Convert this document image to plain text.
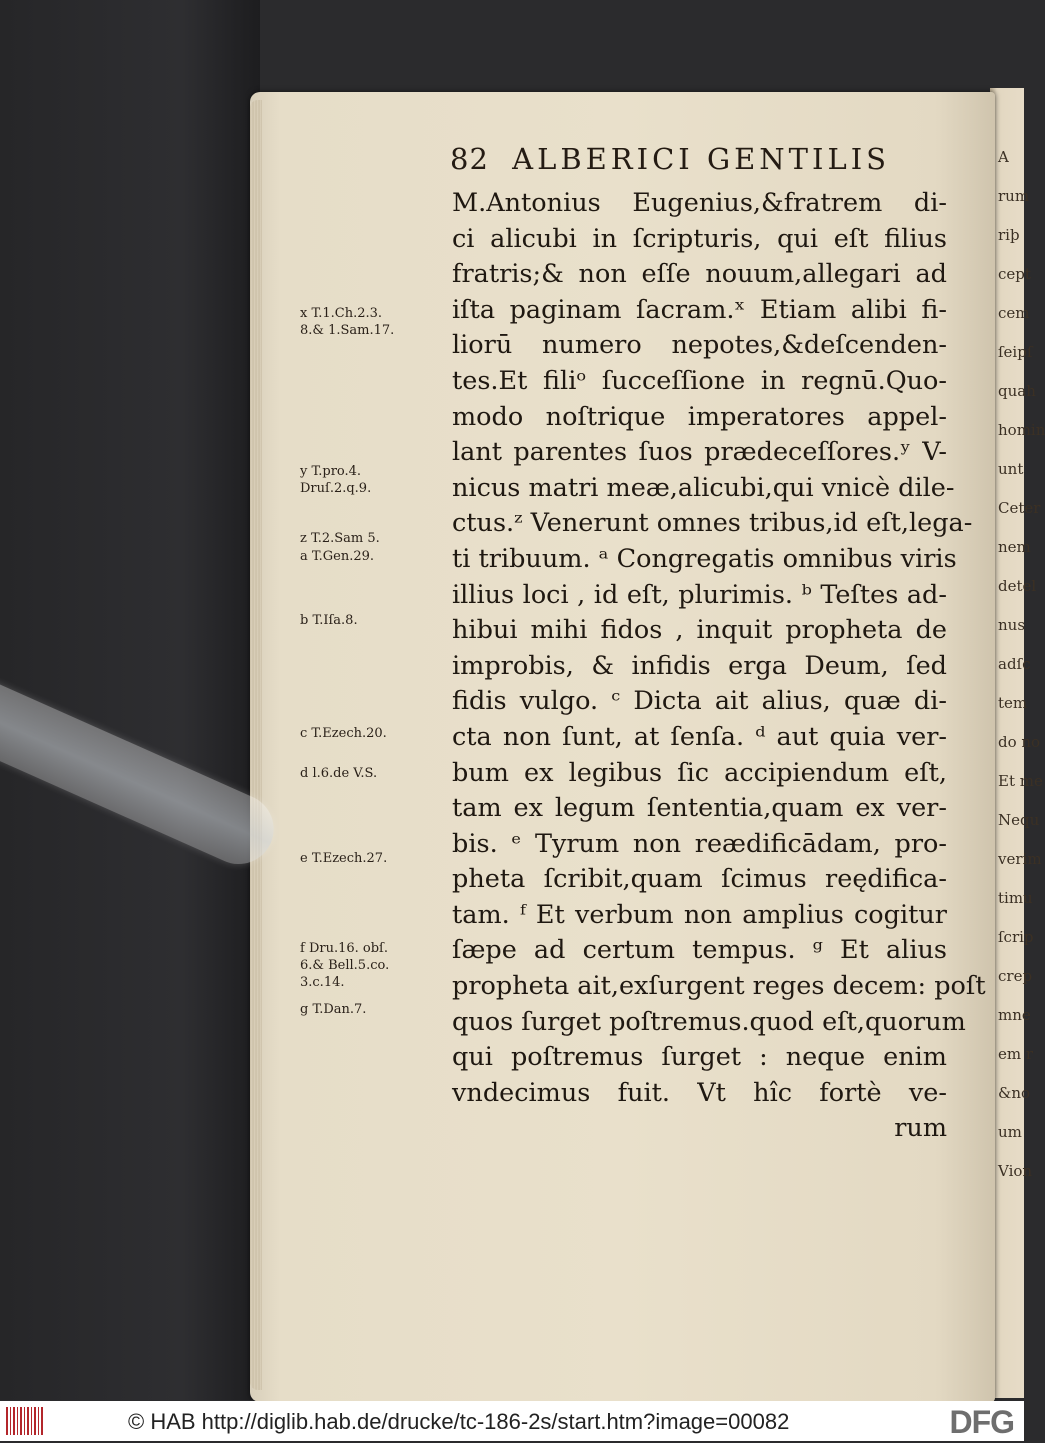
A
rum
riþ
cept
cem
ſeipſ
quah
homin
unt
Ceter
nem
detel
nus
adſc
tem
do no
Et me
Nequ
verim
timu
ſcrip
crep
mne
em r
&no
um
Vion
82 ALBERICI GENTILIS
M.Antonius Eugenius,&fratrem di-
ci alicubi in ſcripturis, qui eſt filius
fratris;& non eſſe nouum,allegari ad
iſta paginam ſacram.ˣ Etiam alibi fi-
liorū numero nepotes,&deſcenden-
tes.Et filiᵒ ſucceſſione in regnū.Quo-
modo noſtrique imperatores appel-
lant parentes ſuos prædeceſſores.ʸ V-
nicus matri meæ,alicubi,qui vnicè dile-
ctus.ᶻ Venerunt omnes tribus,id eſt,lega-
ti tribuum. ᵃ Congregatis omnibus viris
illius loci , id eſt, plurimis. ᵇ Teſtes ad-
hibui mihi fidos , inquit propheta de
improbis, & infidis erga Deum, ſed
fidis vulgo. ᶜ Dicta ait alius, quæ di-
cta non ſunt, at ſenſa. ᵈ aut quia ver-
bum ex legibus ſic accipiendum eſt,
tam ex legum ſententia,quam ex ver-
bis. ᵉ Tyrum non reædificādam, pro-
pheta ſcribit,quam ſcimus reędifica-
tam. ᶠ Et verbum non amplius cogitur
ſæpe ad certum tempus. ᵍ Et alius
propheta ait,exſurgent reges decem: poſt
quos ſurget poſtremus.quod eſt,quorum
qui poſtremus ſurget : neque enim
vndecimus fuit. Vt hîc fortè ve-
rum
x T.1.Ch.2.3.
8.& 1.Sam.17.
y T.pro.4.
Druſ.2.q.9.
z T.2.Sam 5.
a T.Gen.29.
b T.Iſa.8.
c T.Ezech.20.
d l.6.de V.S.
e T.Ezech.27.
f Dru.16. obſ.
6.& Bell.5.co.
3.c.14.
g T.Dan.7.
© HAB http://diglib.hab.de/drucke/tc-186-2s/start.htm?image=00082	DFG
